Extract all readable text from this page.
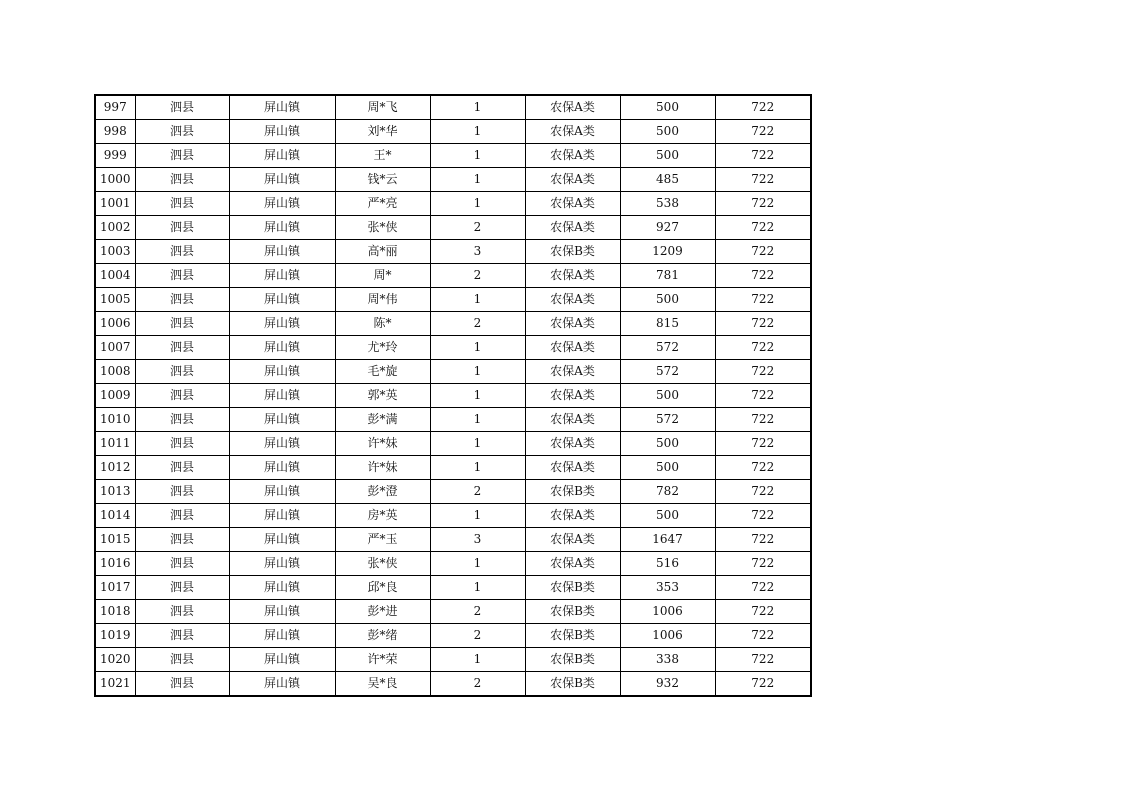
997	泗县	屏山镇	周*飞	1	农保A类	500	722
998	泗县	屏山镇	刘*华	1	农保A类	500	722
999	泗县	屏山镇	王*	1	农保A类	500	722
1000	泗县	屏山镇	钱*云	1	农保A类	485	722
1001	泗县	屏山镇	严*亮	1	农保A类	538	722
1002	泗县	屏山镇	张*侠	2	农保A类	927	722
1003	泗县	屏山镇	高*丽	3	农保B类	1209	722
1004	泗县	屏山镇	周*	2	农保A类	781	722
1005	泗县	屏山镇	周*伟	1	农保A类	500	722
1006	泗县	屏山镇	陈*	2	农保A类	815	722
1007	泗县	屏山镇	尤*玲	1	农保A类	572	722
1008	泗县	屏山镇	毛*旋	1	农保A类	572	722
1009	泗县	屏山镇	郭*英	1	农保A类	500	722
1010	泗县	屏山镇	彭*满	1	农保A类	572	722
1011	泗县	屏山镇	许*妹	1	农保A类	500	722
1012	泗县	屏山镇	许*妹	1	农保A类	500	722
1013	泗县	屏山镇	彭*澄	2	农保B类	782	722
1014	泗县	屏山镇	房*英	1	农保A类	500	722
1015	泗县	屏山镇	严*玉	3	农保A类	1647	722
1016	泗县	屏山镇	张*侠	1	农保A类	516	722
1017	泗县	屏山镇	邱*良	1	农保B类	353	722
1018	泗县	屏山镇	彭*进	2	农保B类	1006	722
1019	泗县	屏山镇	彭*绪	2	农保B类	1006	722
1020	泗县	屏山镇	许*荣	1	农保B类	338	722
1021	泗县	屏山镇	吴*良	2	农保B类	932	722
